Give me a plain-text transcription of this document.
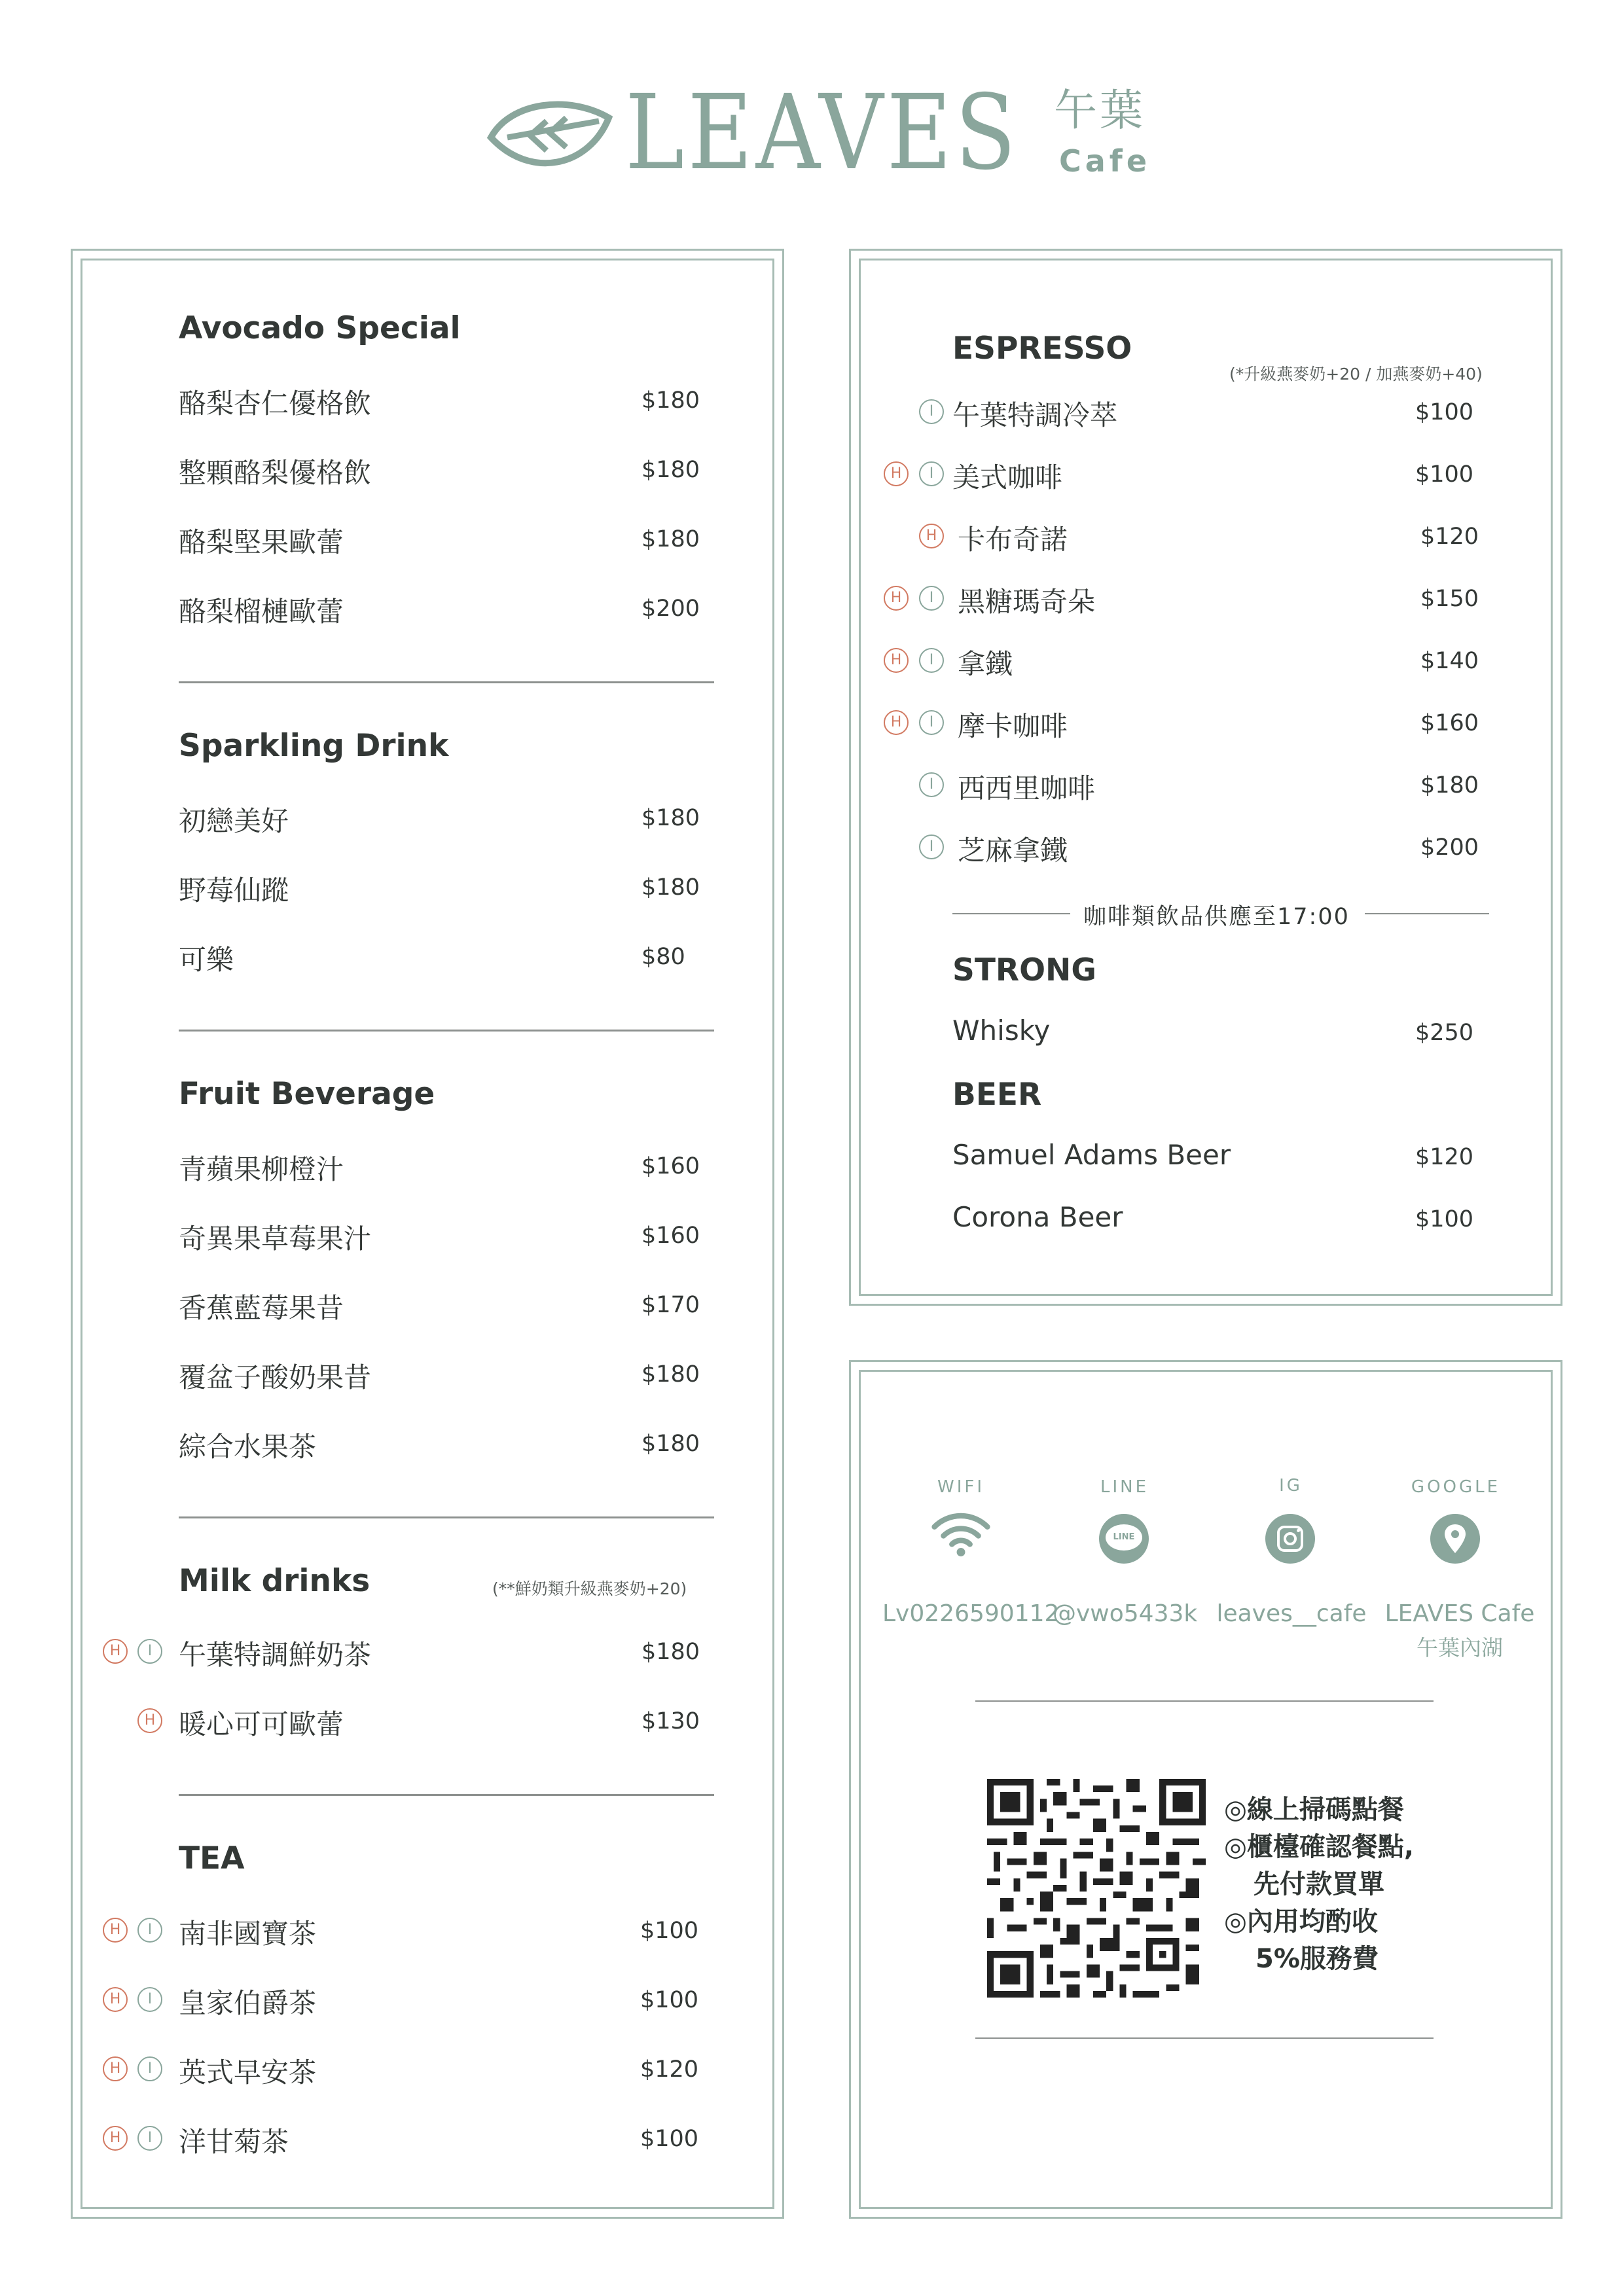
LEAVES 午葉
Cafe
Avocado Special
酪梨杏仁優格飲	$180
整顆酪梨優格飲	$180
酪梨堅果歐蕾	$180
酪梨榴槤歐蕾	$200
Sparkling Drink
初戀美好	$180
野莓仙蹤	$180
可樂	$80
Fruit Beverage
青蘋果柳橙汁	$160
奇異果草莓果汁	$160
香蕉藍莓果昔	$170
覆盆子酸奶果昔	$180
綜合水果茶	$180
Milk drinks	(**鮮奶類升級燕麥奶+20)
H	I 午葉特調鮮奶茶	$180
H 暖心可可歐蕾	$130
TEA
H	I 南非國寶茶	$100
H	I 皇家伯爵茶	$100
H	I 英式早安茶	$120
H	I 洋甘菊茶	$100
ESPRESSO
(*升級燕麥奶+20 / 加燕麥奶+40)
I 午葉特調冷萃	$100
H	I 美式咖啡	$100
H 卡布奇諾	$120
H	I 黑糖瑪奇朵	$150
H	I 拿鐵	$140
H	I 摩卡咖啡	$160
I 西西里咖啡	$180
I 芝麻拿鐵	$200
咖啡類飲品供應至17:00
STRONG
Whisky	$250
BEER
Samuel Adams Beer	$120
Corona Beer	$100
WIFI	LINE	IG	GOOGLE
LINE
Lv0226590112
@vwo5433k leaves__cafe LEAVES Cafe
午葉內湖
◎線上掃碼點餐
◎櫃檯確認餐點,
先付款買單
◎內用均酌收
5%服務費
